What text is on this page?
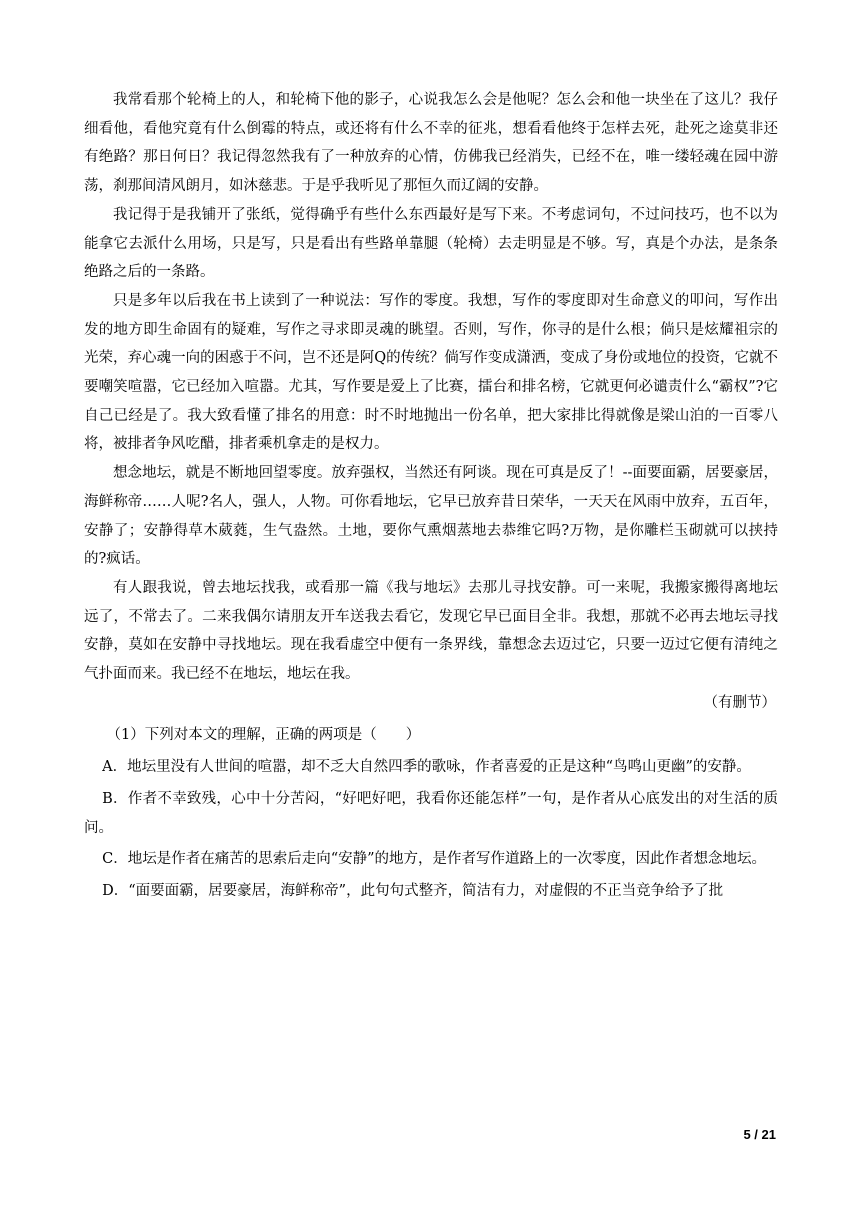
我常看那个轮椅上的人，和轮椅下他的影子，心说我怎么会是他呢？怎么会和他一块坐在了这儿？我仔细看他，看他究竟有什么倒霉的特点，或还将有什么不幸的征兆，想看看他终于怎样去死，赴死之途莫非还有绝路？那日何日？我记得忽然我有了一种放弃的心情，仿佛我已经消失，已经不在，唯一缕轻魂在园中游荡，刹那间清风朗月，如沐慈悲。于是乎我听见了那恒久而辽阔的安静。

我记得于是我铺开了张纸，觉得确乎有些什么东西最好是写下来。不考虑词句，不过问技巧，也不以为能拿它去派什么用场，只是写，只是看出有些路单靠腿（轮椅）去走明显是不够。写，真是个办法，是条条绝路之后的一条路。

只是多年以后我在书上读到了一种说法：写作的零度。我想，写作的零度即对生命意义的叩问，写作出发的地方即生命固有的疑难，写作之寻求即灵魂的眺望。否则，写作，你寻的是什么根；倘只是炫耀祖宗的光荣，弃心魂一向的困惑于不问，岂不还是阿Q的传统？倘写作变成潇洒，变成了身份或地位的投资，它就不要嘲笑喧嚣，它已经加入喧嚣。尤其，写作要是爱上了比赛，擂台和排名榜，它就更何必谴责什么“霸权”?它自己已经是了。我大致看懂了排名的用意：时不时地抛出一份名单，把大家排比得就像是梁山泊的一百零八将，被排者争风吃醋，排者乘机拿走的是权力。

想念地坛，就是不断地回望零度。放弃强权，当然还有阿谈。现在可真是反了！--面要面霸，居要豪居，海鲜称帝……人呢?名人，强人，人物。可你看地坛，它早已放弃昔日荣华，一天天在风雨中放弃，五百年，安静了；安静得草木葳蕤，生气盎然。土地，要你气熏烟蒸地去恭维它吗?万物，是你雕栏玉砌就可以挟持的?疯话。

有人跟我说，曾去地坛找我，或看那一篇《我与地坛》去那儿寻找安静。可一来呢，我搬家搬得离地坛远了，不常去了。二来我偶尔请朋友开车送我去看它，发现它早已面目全非。我想，那就不必再去地坛寻找安静，莫如在安静中寻找地坛。现在我看虚空中便有一条界线，靠想念去迈过它，只要一迈过它便有清纯之气扑面而来。我已经不在地坛，地坛在我。

（有删节）

（1）下列对本文的理解，正确的两项是（　　）

A．地坛里没有人世间的喧嚣，却不乏大自然四季的歌咏，作者喜爱的正是这种“鸟鸣山更幽”的安静。

B．作者不幸致残，心中十分苦闷，“好吧好吧，我看你还能怎样”一句，是作者从心底发出的对生活的质问。

C．地坛是作者在痛苦的思索后走向“安静”的地方，是作者写作道路上的一次零度，因此作者想念地坛。

D．“面要面霸，居要豪居，海鲜称帝”，此句句式整齐，简洁有力，对虚假的不正当竞争给予了批

5 / 21
